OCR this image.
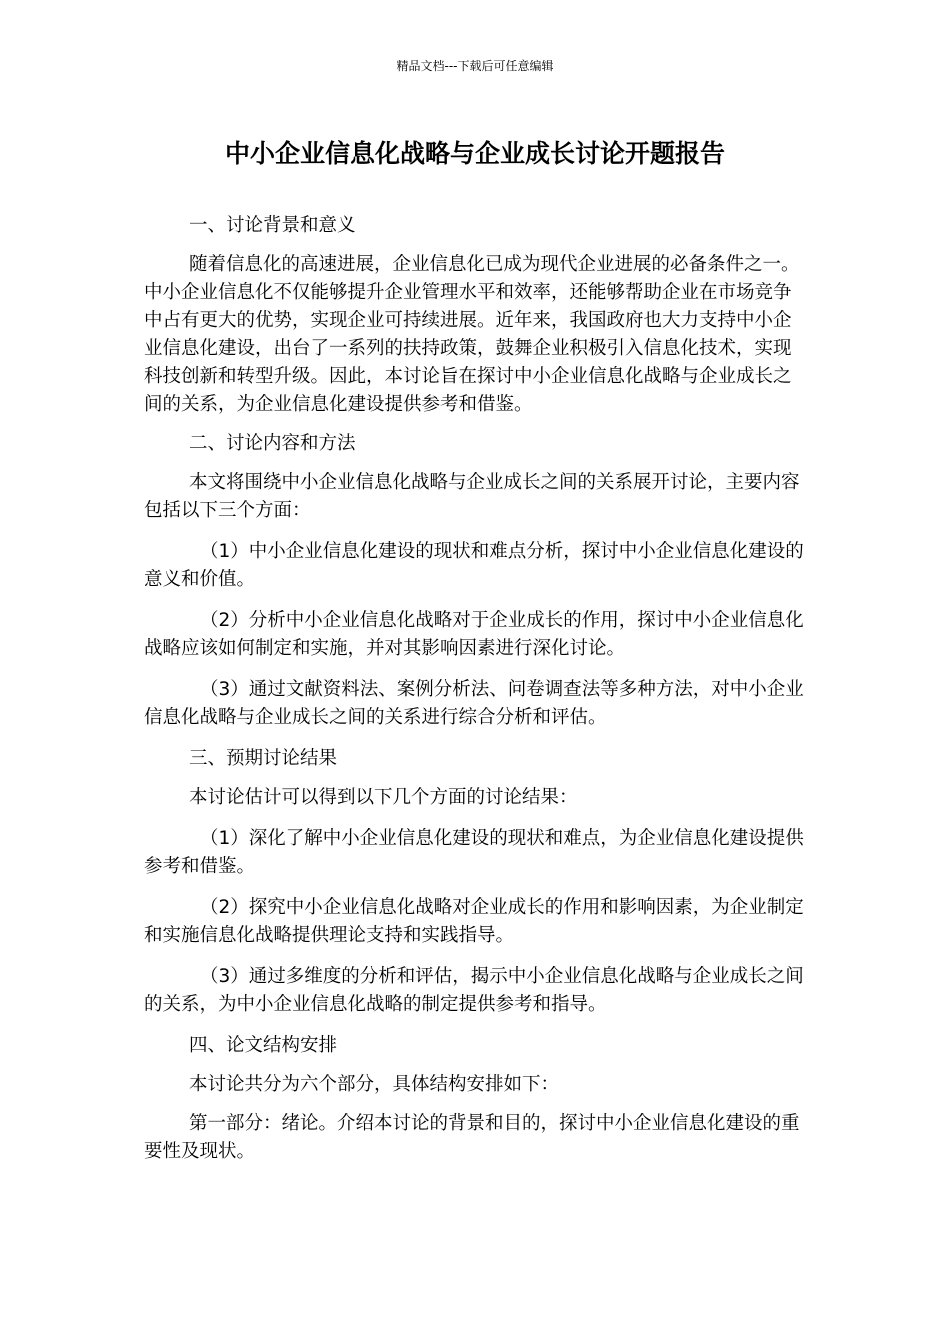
精品文档---下载后可任意编辑
中小企业信息化战略与企业成长讨论开题报告

一、讨论背景和意义

随着信息化的高速进展，企业信息化已成为现代企业进展的必备条件之一。中小企业信息化不仅能够提升企业管理水平和效率，还能够帮助企业在市场竞争中占有更大的优势，实现企业可持续进展。近年来，我国政府也大力支持中小企业信息化建设，出台了一系列的扶持政策，鼓舞企业积极引入信息化技术，实现科技创新和转型升级。因此，本讨论旨在探讨中小企业信息化战略与企业成长之间的关系，为企业信息化建设提供参考和借鉴。

二、讨论内容和方法

本文将围绕中小企业信息化战略与企业成长之间的关系展开讨论，主要内容包括以下三个方面：

（1）中小企业信息化建设的现状和难点分析，探讨中小企业信息化建设的意义和价值。

（2）分析中小企业信息化战略对于企业成长的作用，探讨中小企业信息化战略应该如何制定和实施，并对其影响因素进行深化讨论。

（3）通过文献资料法、案例分析法、问卷调查法等多种方法，对中小企业信息化战略与企业成长之间的关系进行综合分析和评估。

三、预期讨论结果

本讨论估计可以得到以下几个方面的讨论结果：

（1）深化了解中小企业信息化建设的现状和难点，为企业信息化建设提供参考和借鉴。

（2）探究中小企业信息化战略对企业成长的作用和影响因素，为企业制定和实施信息化战略提供理论支持和实践指导。

（3）通过多维度的分析和评估，揭示中小企业信息化战略与企业成长之间的关系，为中小企业信息化战略的制定提供参考和指导。

四、论文结构安排

本讨论共分为六个部分，具体结构安排如下：

第一部分：绪论。介绍本讨论的背景和目的，探讨中小企业信息化建设的重要性及现状。
